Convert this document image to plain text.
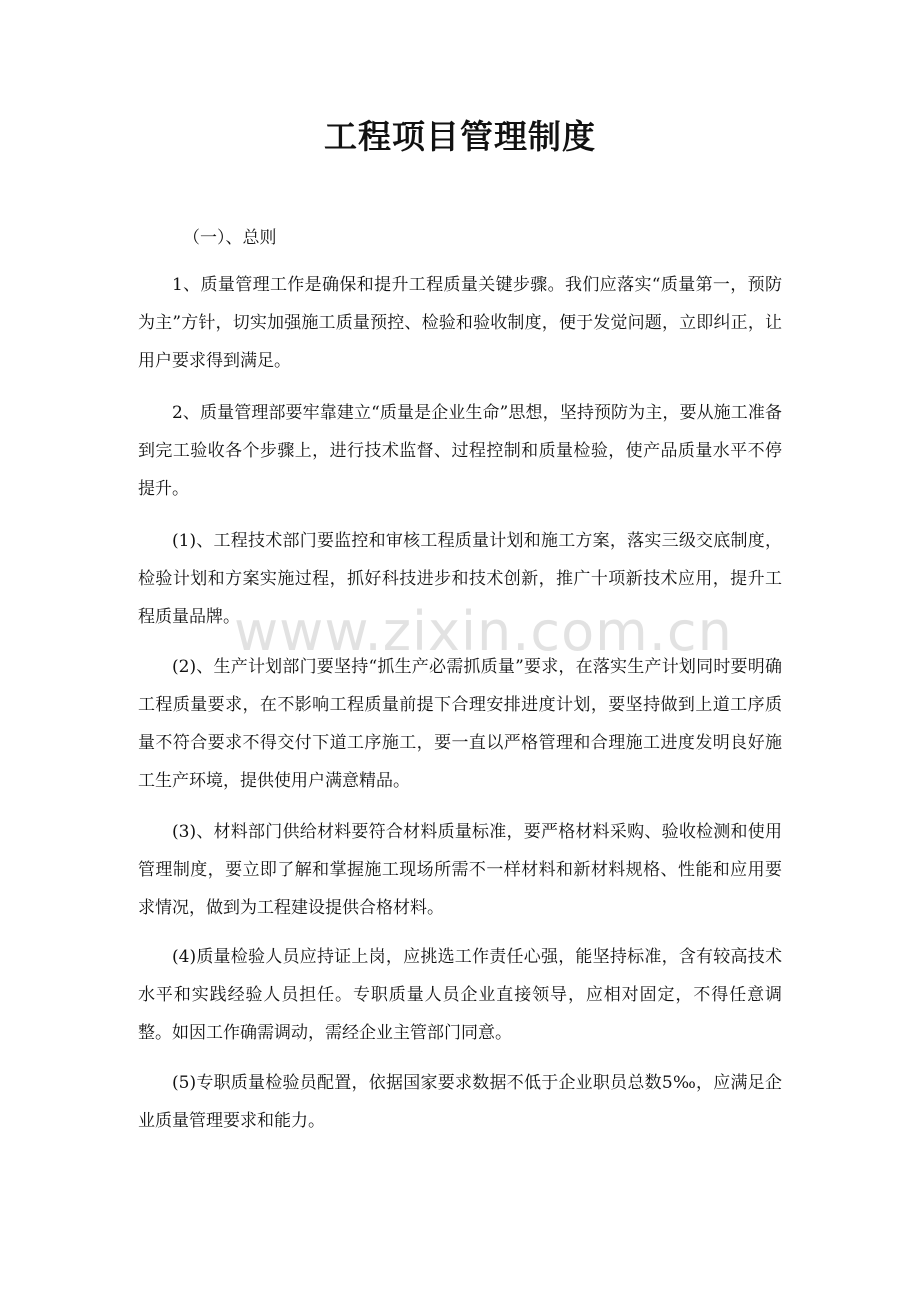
工程项目管理制度
（一）、总则

1、质量管理工作是确保和提升工程质量关键步骤。我们应落实“质量第一，预防为主”方针，切实加强施工质量预控、检验和验收制度，便于发觉问题，立即纠正，让用户要求得到满足。

2、质量管理部要牢靠建立“质量是企业生命”思想，坚持预防为主，要从施工准备到完工验收各个步骤上，进行技术监督、过程控制和质量检验，使产品质量水平不停提升。

(1)、工程技术部门要监控和审核工程质量计划和施工方案，落实三级交底制度，检验计划和方案实施过程，抓好科技进步和技术创新，推广十项新技术应用，提升工程质量品牌。

(2)、生产计划部门要坚持“抓生产必需抓质量”要求，在落实生产计划同时要明确工程质量要求，在不影响工程质量前提下合理安排进度计划，要坚持做到上道工序质量不符合要求不得交付下道工序施工，要一直以严格管理和合理施工进度发明良好施工生产环境，提供使用户满意精品。

(3)、材料部门供给材料要符合材料质量标准，要严格材料采购、验收检测和使用管理制度，要立即了解和掌握施工现场所需不一样材料和新材料规格、性能和应用要求情况，做到为工程建设提供合格材料。

(4)质量检验人员应持证上岗，应挑选工作责任心强，能坚持标准，含有较高技术水平和实践经验人员担任。专职质量人员企业直接领导，应相对固定，不得任意调整。如因工作确需调动，需经企业主管部门同意。

(5)专职质量检验员配置，依据国家要求数据不低于企业职员总数5‰，应满足企业质量管理要求和能力。

www.zixin.com.cn
